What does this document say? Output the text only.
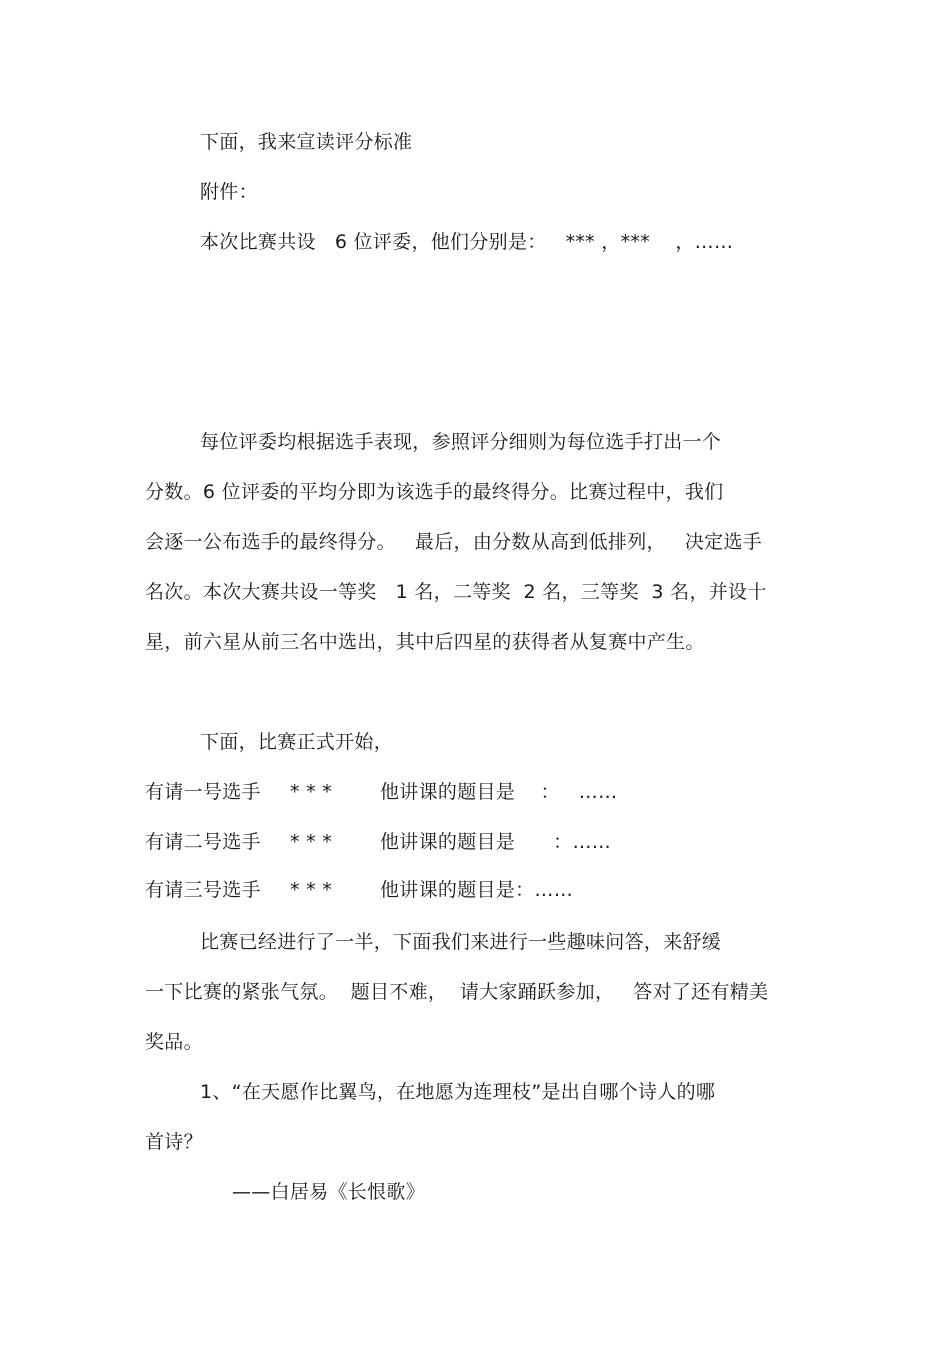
下面，我来宣读评分标准
附件：
本次比赛共设   6 位评委，他们分别是：   *** ，***    ，……
每位评委均根据选手表现，参照评分细则为每位选手打出一个
分数。6 位评委的平均分即为该选手的最终得分。比赛过程中，我们
会逐一公布选手的最终得分。   最后，由分数从高到低排列，   决定选手
名次。本次大赛共设一等奖   1 名，二等奖  2 名，三等奖  3 名，并设十
星，前六星从前三名中选出，其中后四星的获得者从复赛中产生。
下面，比赛正式开始，
有请一号选手 * * *	他讲课的题目是    ：   ……
有请二号选手 * * *	他讲课的题目是      ：……
有请三号选手 * * *	他讲课的题目是：……
比赛已经进行了一半，下面我们来进行一些趣味问答，来舒缓
一下比赛的紧张气氛。  题目不难，  请大家踊跃参加，   答对了还有精美
奖品。
1、“在天愿作比翼鸟，在地愿为连理枝”是出自哪个诗人的哪
首诗？
——白居易《长恨歌》
